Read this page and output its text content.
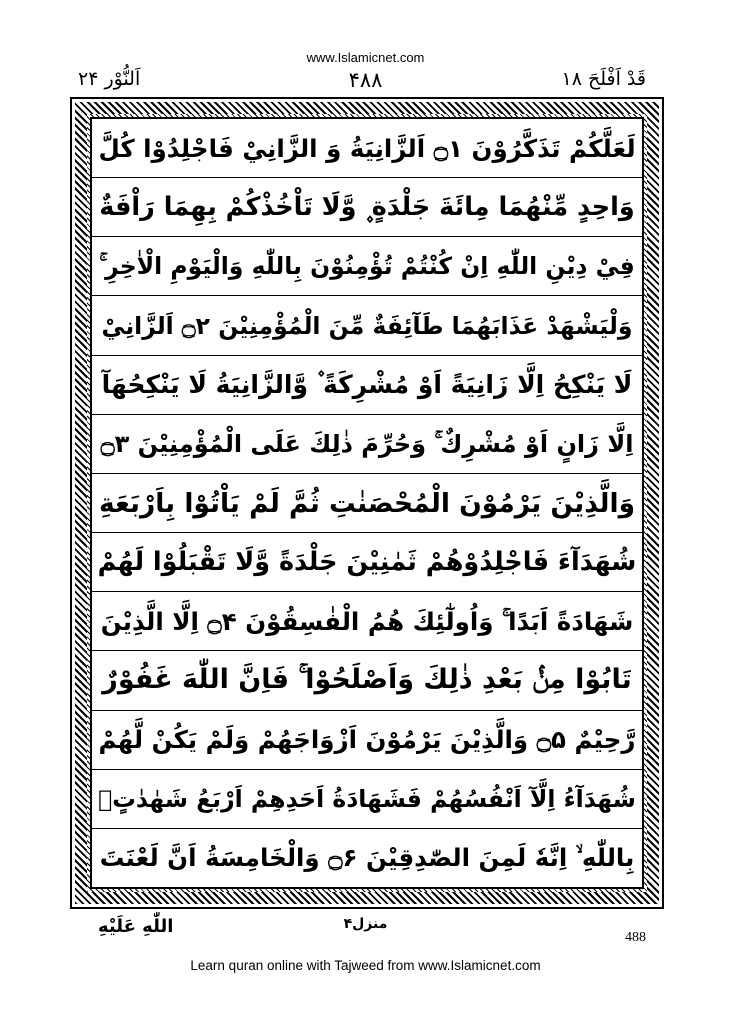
www.Islamicnet.com
قَدْ اَفْلَحَ ١٨
۴۸۸
اَلنُّوْر ٢۴
لَعَلَّكُمْ تَذَكَّرُوْنَ ۝۱ اَلزَّانِيَةُ وَ الزَّانِيْ فَاجْلِدُوْا كُلَّ
وَاحِدٍ مِّنْهُمَا مِائَةَ جَلْدَةٍ ۪ وَّلَا تَاْخُذْكُمْ بِهِمَا رَاْفَةٌ
فِيْ دِيْنِ اللّٰهِ اِنْ كُنْتُمْ تُؤْمِنُوْنَ بِاللّٰهِ وَالْيَوْمِ الْاٰخِرِ ۚ
وَلْيَشْهَدْ عَذَابَهُمَا طَآئِفَةٌ مِّنَ الْمُؤْمِنِيْنَ ۝۲ اَلزَّانِيْ
لَا يَنْكِحُ اِلَّا زَانِيَةً اَوْ مُشْرِكَةً ۫ وَّالزَّانِيَةُ لَا يَنْكِحُهَآ
اِلَّا زَانٍ اَوْ مُشْرِكٌ ۚ وَحُرِّمَ ذٰلِكَ عَلَى الْمُؤْمِنِيْنَ ۝۳
وَالَّذِيْنَ يَرْمُوْنَ الْمُحْصَنٰتِ ثُمَّ لَمْ يَاْتُوْا بِاَرْبَعَةِ
شُهَدَآءَ فَاجْلِدُوْهُمْ ثَمٰنِيْنَ جَلْدَةً وَّلَا تَقْبَلُوْا لَهُمْ
شَهَادَةً اَبَدًا ۚ وَاُولٰٓئِكَ هُمُ الْفٰسِقُوْنَ ۝۴ اِلَّا الَّذِيْنَ
تَابُوْا مِنْۢ بَعْدِ ذٰلِكَ وَاَصْلَحُوْا ۚ فَاِنَّ اللّٰهَ غَفُوْرٌ
رَّحِيْمٌ ۝۵ وَالَّذِيْنَ يَرْمُوْنَ اَزْوَاجَهُمْ وَلَمْ يَكُنْ لَّهُمْ
شُهَدَآءُ اِلَّآ اَنْفُسُهُمْ فَشَهَادَةُ اَحَدِهِمْ اَرْبَعُ شَهٰدٰتٍۭ
بِاللّٰهِ ۙ اِنَّهٗ لَمِنَ الصّٰدِقِيْنَ ۝۶ وَالْخَامِسَةُ اَنَّ لَعْنَتَ
اللّٰهِ عَلَيْهِ	منزل۴
488
Learn quran online with Tajweed from www.Islamicnet.com
